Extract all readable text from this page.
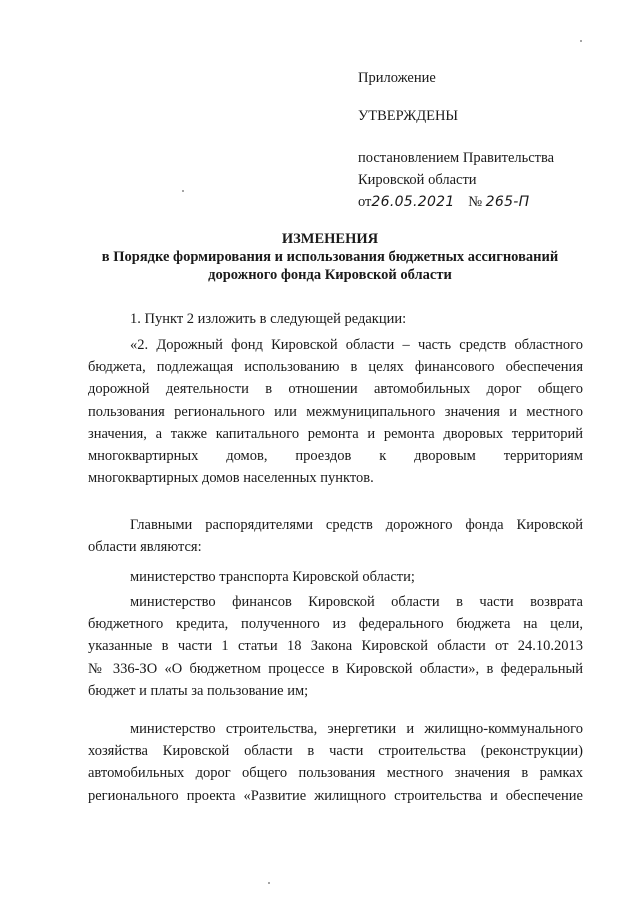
Приложение
УТВЕРЖДЕНЫ
постановлением Правительства
Кировской области
от26.05.2021 № 265-П
ИЗМЕНЕНИЯ
в Порядке формирования и использования бюджетных ассигнований
дорожного фонда Кировской области
1. Пункт 2 изложить в следующей редакции:
«2. Дорожный фонд Кировской области – часть средств областного
бюджета, подлежащая использованию в целях финансового обеспечения
дорожной деятельности в отношении автомобильных дорог общего
пользования регионального или межмуниципального значения и местного
значения, а также капитального ремонта и ремонта дворовых территорий
многоквартирных домов, проездов к дворовым территориям
многоквартирных домов населенных пунктов.
Главными распорядителями средств дорожного фонда Кировской
области являются:
министерство транспорта Кировской области;
министерство финансов Кировской области в части возврата
бюджетного кредита, полученного из федерального бюджета на цели,
указанные в части 1 статьи 18 Закона Кировской области от 24.10.2013
№ 336-ЗО «О бюджетном процессе в Кировской области», в федеральный
бюджет и платы за пользование им;
министерство строительства, энергетики и жилищно-коммунального
хозяйства Кировской области в части строительства (реконструкции)
автомобильных дорог общего пользования местного значения в рамках
регионального проекта «Развитие жилищного строительства и обеспечение
